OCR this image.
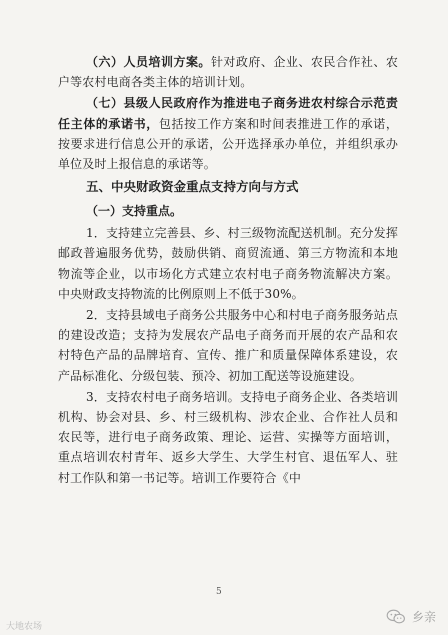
（六）人员培训方案。针对政府、企业、农民合作社、农户等农村电商各类主体的培训计划。

（七）县级人民政府作为推进电子商务进农村综合示范责任主体的承诺书，包括按工作方案和时间表推进工作的承诺，按要求进行信息公开的承诺，公开选择承办单位，并组织承办单位及时上报信息的承诺等。

五、中央财政资金重点支持方向与方式

（一）支持重点。

1．支持建立完善县、乡、村三级物流配送机制。充分发挥邮政普遍服务优势，鼓励供销、商贸流通、第三方物流和本地物流等企业，以市场化方式建立农村电子商务物流解决方案。中央财政支持物流的比例原则上不低于30%。

2．支持县域电子商务公共服务中心和村电子商务服务站点的建设改造；支持为发展农产品电子商务而开展的农产品和农村特色产品的品牌培育、宣传、推广和质量保障体系建设，农产品标准化、分级包装、预冷、初加工配送等设施建设。

3．支持农村电子商务培训。支持电子商务企业、各类培训机构、协会对县、乡、村三级机构、涉农企业、合作社人员和农民等，进行电子商务政策、理论、运营、实操等方面培训，重点培训农村青年、返乡大学生、大学生村官、退伍军人、驻村工作队和第一书记等。培训工作要符合《中

5
大地农场
乡亲
